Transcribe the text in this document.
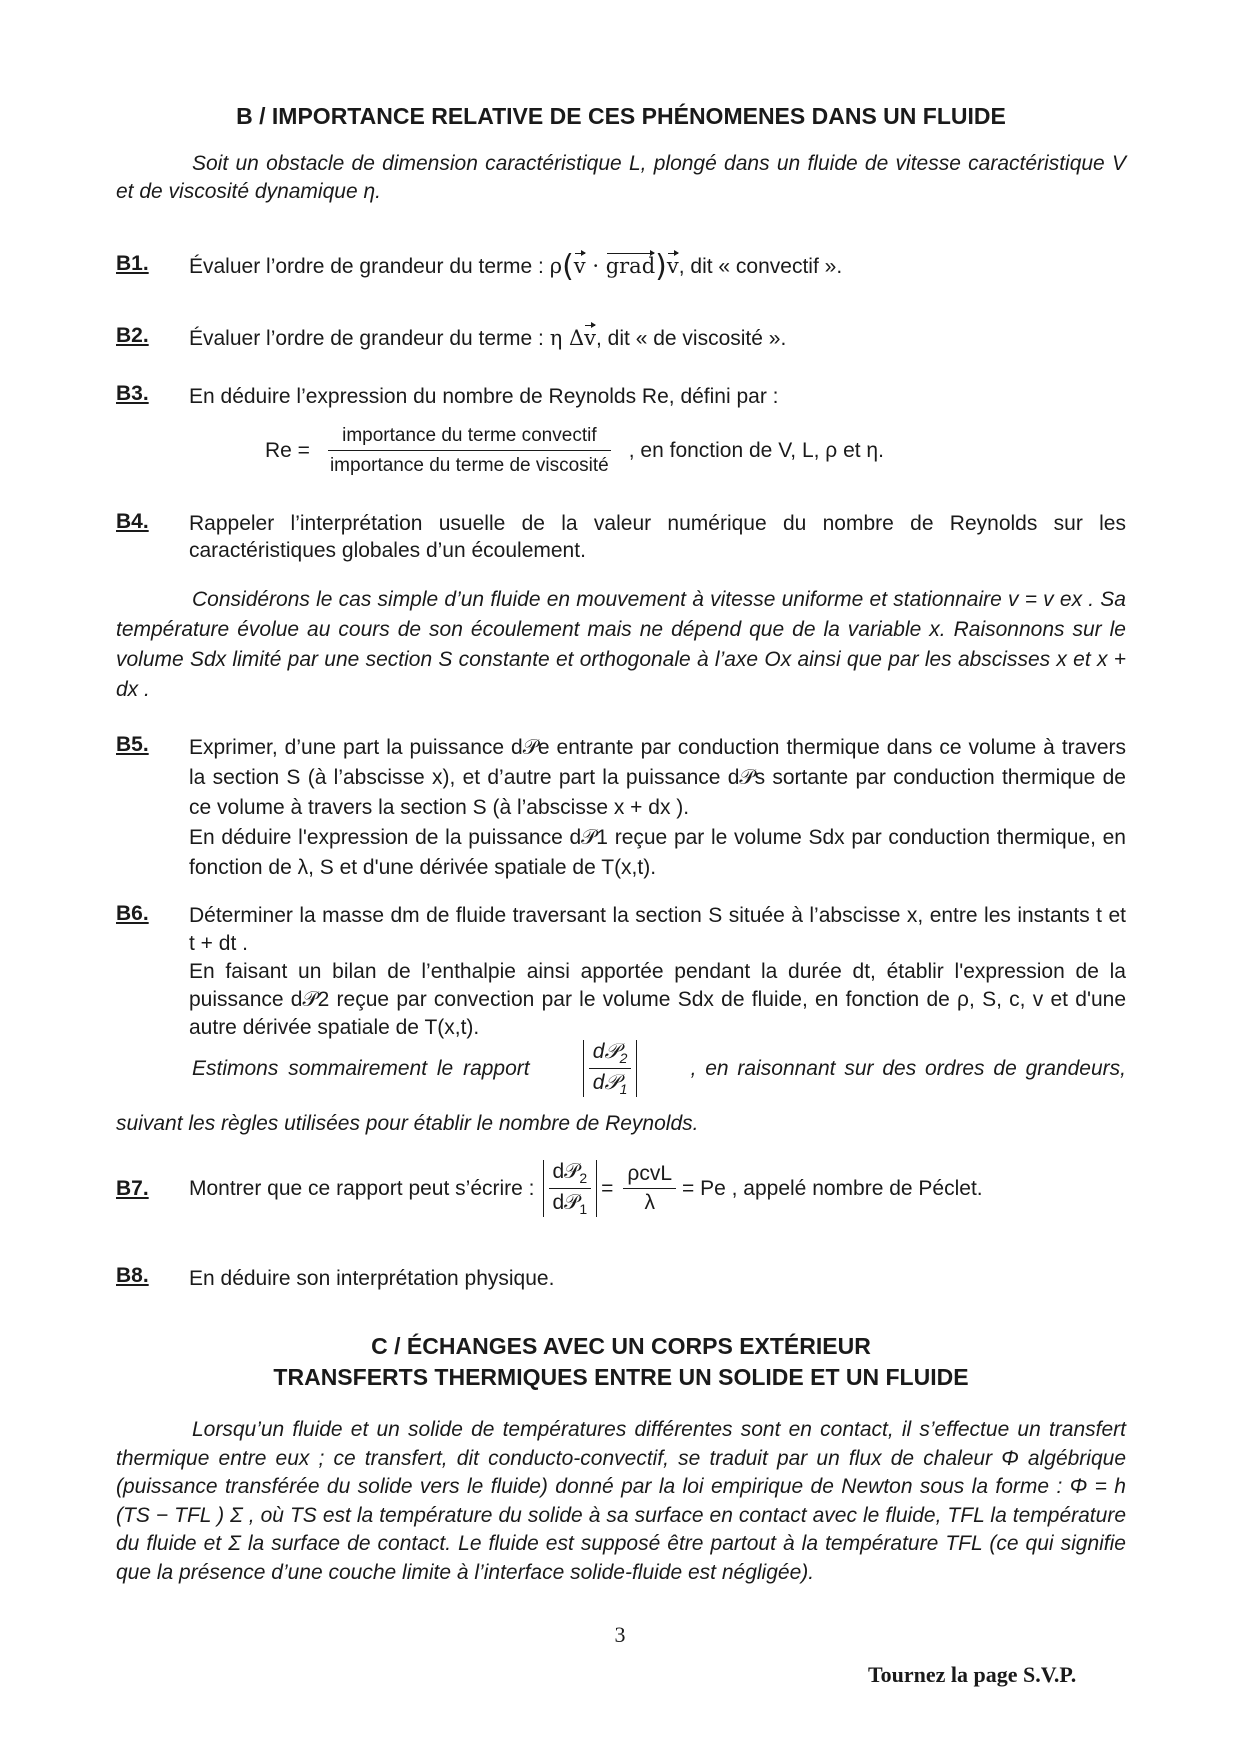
B / IMPORTANCE RELATIVE DE CES PHÉNOMENES DANS UN FLUIDE
Soit un obstacle de dimension caractéristique L, plongé dans un fluide de vitesse caractéristique V et de viscosité dynamique η.
B1. Évaluer l’ordre de grandeur du terme : ρ(v · grad)v, dit « convectif ».
B2. Évaluer l’ordre de grandeur du terme : η Δv, dit « de viscosité ».
B3. En déduire l’expression du nombre de Reynolds Re, défini par :
$Re = \frac{\text{importance du terme convectif}}{\text{importance du terme de viscosité}}$ , en fonction de V, L, ρ et η.
B4. Rappeler l’interprétation usuelle de la valeur numérique du nombre de Reynolds sur les caractéristiques globales d’un écoulement.
Considérons le cas simple d’un fluide en mouvement à vitesse uniforme et stationnaire v = v ex . Sa température évolue au cours de son écoulement mais ne dépend que de la variable x. Raisonnons sur le volume Sdx limité par une section S constante et orthogonale à l’axe Ox ainsi que par les abscisses x et x + dx .
B5. Exprimer, d’une part la puissance d𝒫e entrante par conduction thermique dans ce volume à travers la section S (à l’abscisse x), et d’autre part la puissance d𝒫s sortante par conduction thermique de ce volume à travers la section S (à l’abscisse x + dx ).
En déduire l'expression de la puissance d𝒫1 reçue par le volume Sdx par conduction thermique, en fonction de λ, S et d'une dérivée spatiale de T(x,t).
B6. Déterminer la masse dm de fluide traversant la section S située à l’abscisse x, entre les instants t et t + dt .
En faisant un bilan de l’enthalpie ainsi apportée pendant la durée dt, établir l'expression de la puissance d𝒫2 reçue par convection par le volume Sdx de fluide, en fonction de ρ, S, c, v et d'une autre dérivée spatiale de T(x,t).
Estimons sommairement le rapport	$\frac{d𝒫_2}{d𝒫_1}$	, en raisonnant sur des ordres de grandeurs,
suivant les règles utilisées pour établir le nombre de Reynolds.
B7.	Montrer que ce rapport peut s’écrire : $\frac{d𝒫_2}{d𝒫_1} = \frac{\text{ρcvL}}{\lambda} = Pe$ , appelé nombre de Péclet.
B8. En déduire son interprétation physique.
C / ÉCHANGES AVEC UN CORPS EXTÉRIEUR
TRANSFERTS THERMIQUES ENTRE UN SOLIDE ET UN FLUIDE
Lorsqu’un fluide et un solide de températures différentes sont en contact, il s’effectue un transfert thermique entre eux ; ce transfert, dit conducto-convectif, se traduit par un flux de chaleur Φ algébrique (puissance transférée du solide vers le fluide) donné par la loi empirique de Newton sous la forme : Φ = h (TS − TFL ) Σ , où TS est la température du solide à sa surface en contact avec le fluide, TFL la température du fluide et Σ la surface de contact. Le fluide est supposé être partout à la température TFL (ce qui signifie que la présence d’une couche limite à l’interface solide-fluide est négligée).
3
Tournez la page S.V.P.
